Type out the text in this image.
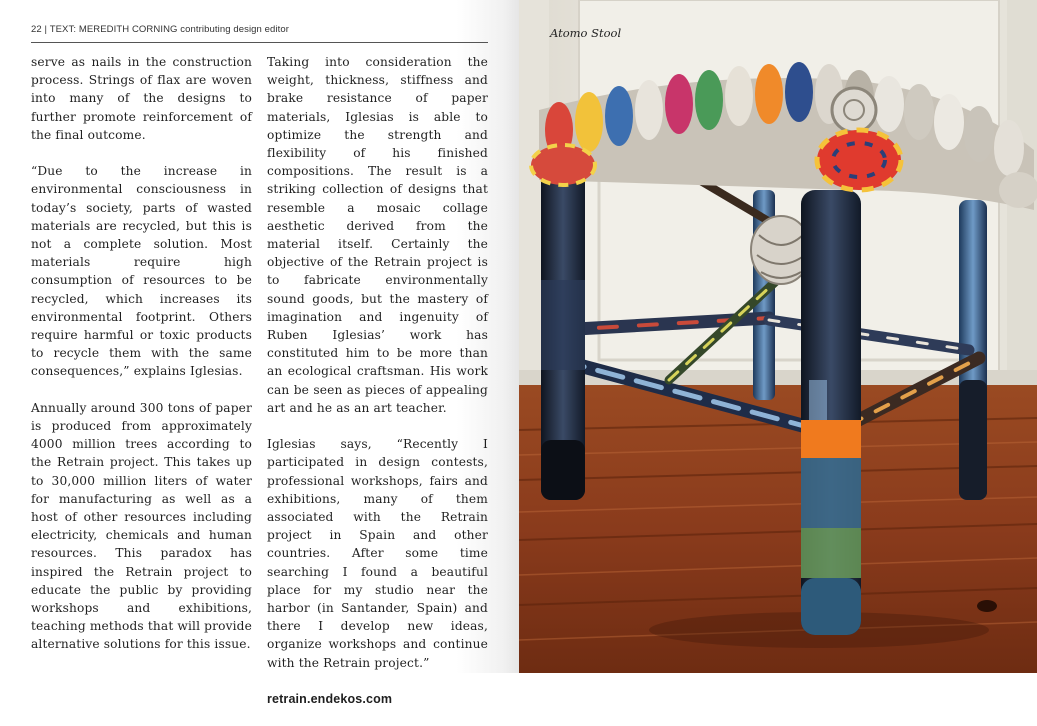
22 | TEXT: MEREDITH CORNING contributing design editor

serve as nails in the construction process. Strings of flax are woven into many of the designs to further promote reinforcement of the final outcome.

“Due to the increase in environmental consciousness in today’s society, parts of wasted materials are recycled, but this is not a complete solution. Most materials require high consumption of resources to be recycled, which increases its environmental footprint. Others require harmful or toxic products to recycle them with the same consequences,” explains Iglesias.

Annually around 300 tons of paper is produced from approximately 4000 million trees according to the Retrain project. This takes up to 30,000 million liters of water for manufacturing as well as a host of other resources including electricity, chemicals and human resources. This paradox has inspired the Retrain project to educate the public by providing workshops and exhibitions, teaching methods that will provide alternative solutions for this issue.

Taking into consideration the weight, thickness, stiffness and brake resistance of paper materials, Iglesias is able to optimize the strength and flexibility of his finished compositions. The result is a striking collection of designs that resemble a mosaic collage aesthetic derived from the material itself. Certainly the objective of the Retrain project is to fabricate environmentally sound goods, but the mastery of imagination and ingenuity of Ruben Iglesias’ work has constituted him to be more than an ecological craftsman. His work can be seen as pieces of appealing art and he as an art teacher.

Iglesias says, “Recently I participated in design contests, professional workshops, fairs and exhibitions, many of them associated with the Retrain project in Spain and other countries. After some time searching I found a beautiful place for my studio near the harbor (in Santander, Spain) and there I develop new ideas, organize workshops and continue with the Retrain project.”

retrain.endekos.com

Atomo Stool
